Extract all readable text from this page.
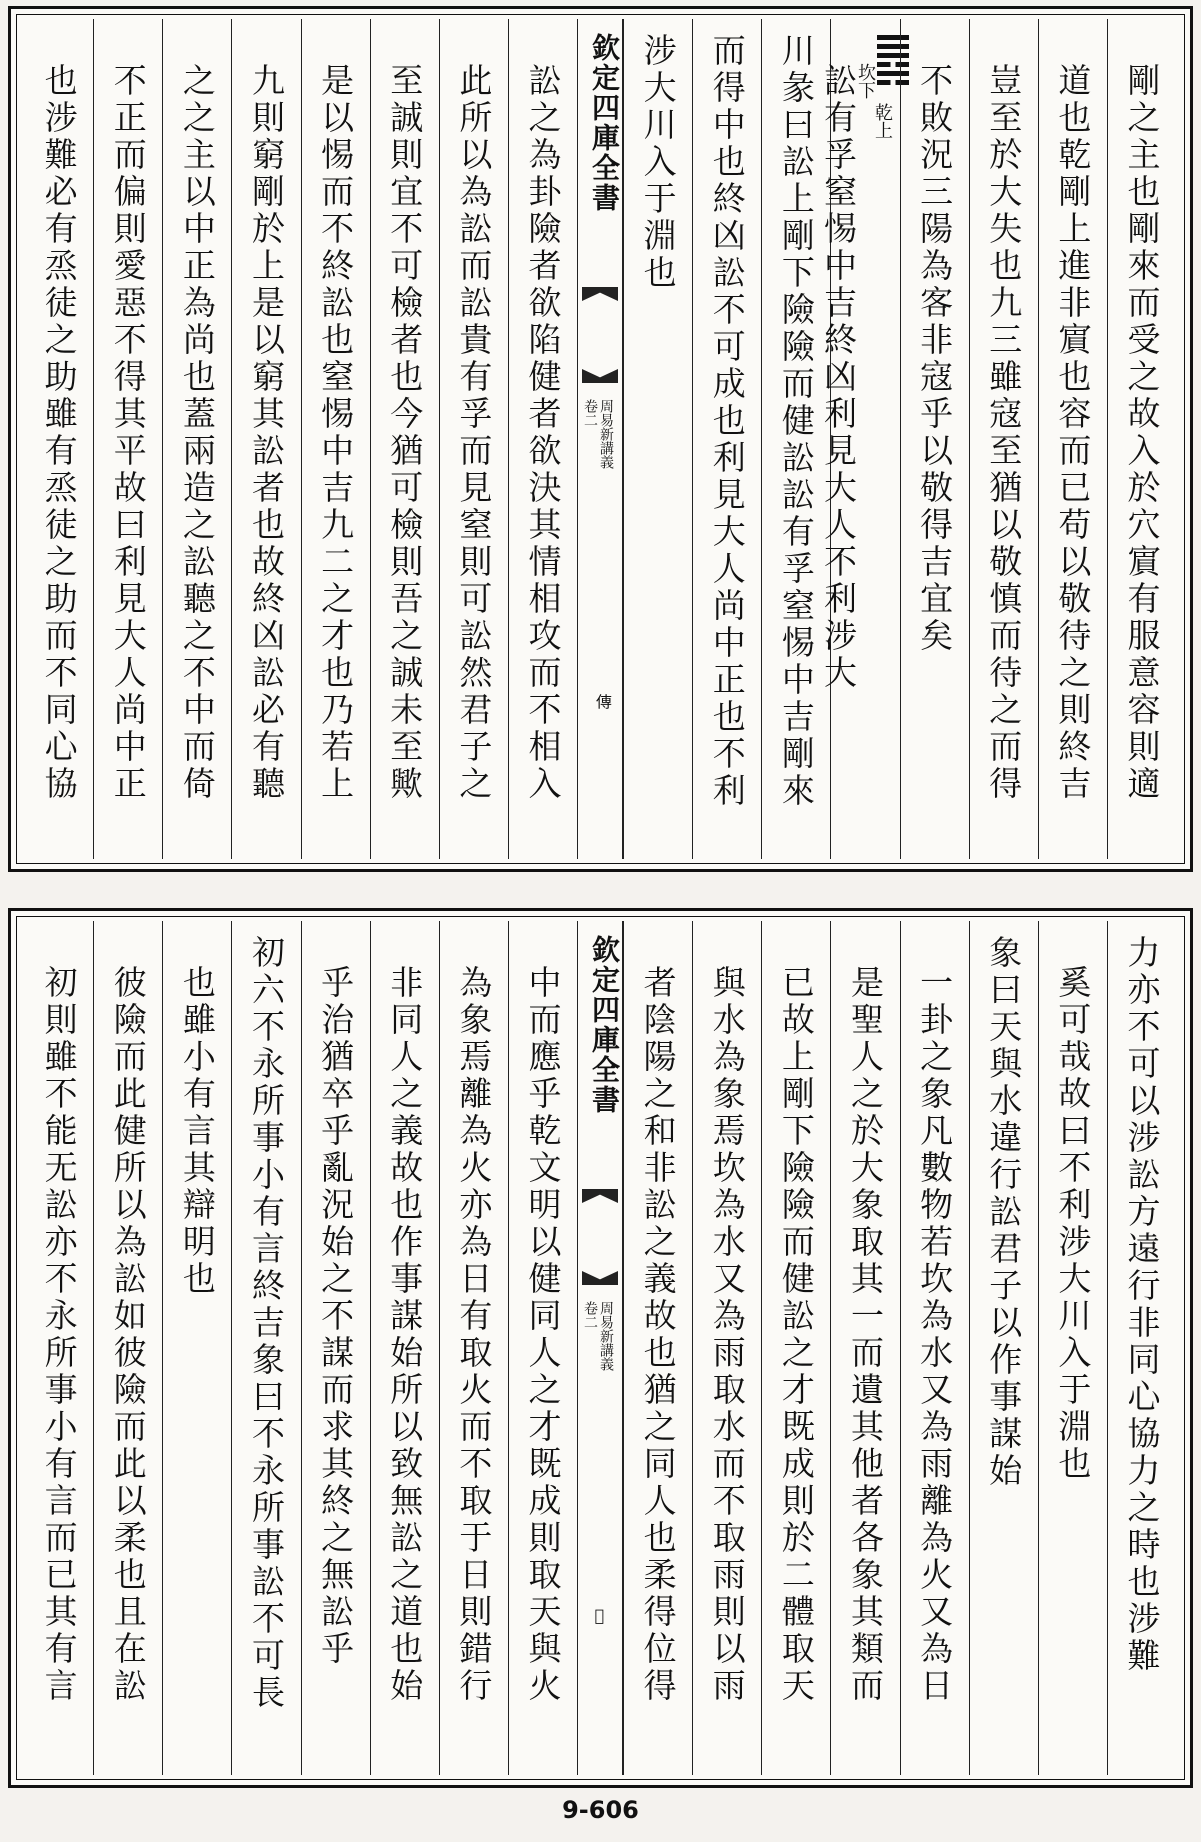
剛之主也剛來而受之故入於穴賔有服意容則適
道也乾剛上進非賔也容而已苟以敬待之則終吉
豈至於大失也九三雖寇至猶以敬慎而待之而得
不敗況三陽為客非寇乎以敬得吉宜矣
坎下
乾上
訟有孚窒惕中吉終凶利見大人不利涉大
川彖曰訟上剛下險險而健訟訟有孚窒惕中吉剛來
而得中也終凶訟不可成也利見大人尚中正也不利
涉大川入于淵也
欽定四庫全書
周易新講義
卷二
𫝊
訟之為卦險者欲陷健者欲決其情相攻而不相入
此所以為訟而訟貴有孚而見窒則可訟然君子之
至誠則宜不可檢者也今猶可檢則吾之誠未至歟
是以惕而不終訟也窒惕中吉九二之才也乃若上
九則窮剛於上是以窮其訟者也故終凶訟必有聽
之之主以中正為尚也蓋兩造之訟聽之不中而倚
不正而偏則愛惡不得其平故曰利見大人尚中正
也涉難必有烝徒之助雖有烝徒之助而不同心協
力亦不可以涉訟方遠行非同心協力之時也涉難
奚可哉故曰不利涉大川入于淵也
象曰天與水違行訟君子以作事謀始
一卦之象凡數物若坎為水又為雨離為火又為日
是聖人之於大象取其一而遺其他者各象其類而
已故上剛下險險而健訟之才既成則於二體取天
與水為象焉坎為水又為雨取水而不取雨則以雨
者陰陽之和非訟之義故也猶之同人也柔得位得
欽定四庫全書
周易新講義
卷二
𫝍
中而應乎乾文明以健同人之才既成則取天與火
為象焉離為火亦為日有取火而不取于日則錯行
非同人之義故也作事謀始所以致無訟之道也始
乎治猶卒乎亂況始之不謀而求其終之無訟乎
初六不永所事小有言終吉象曰不永所事訟不可長
也雖小有言其辯明也
彼險而此健所以為訟如彼險而此以柔也且在訟
初則雖不能无訟亦不永所事小有言而已其有言
9-606
